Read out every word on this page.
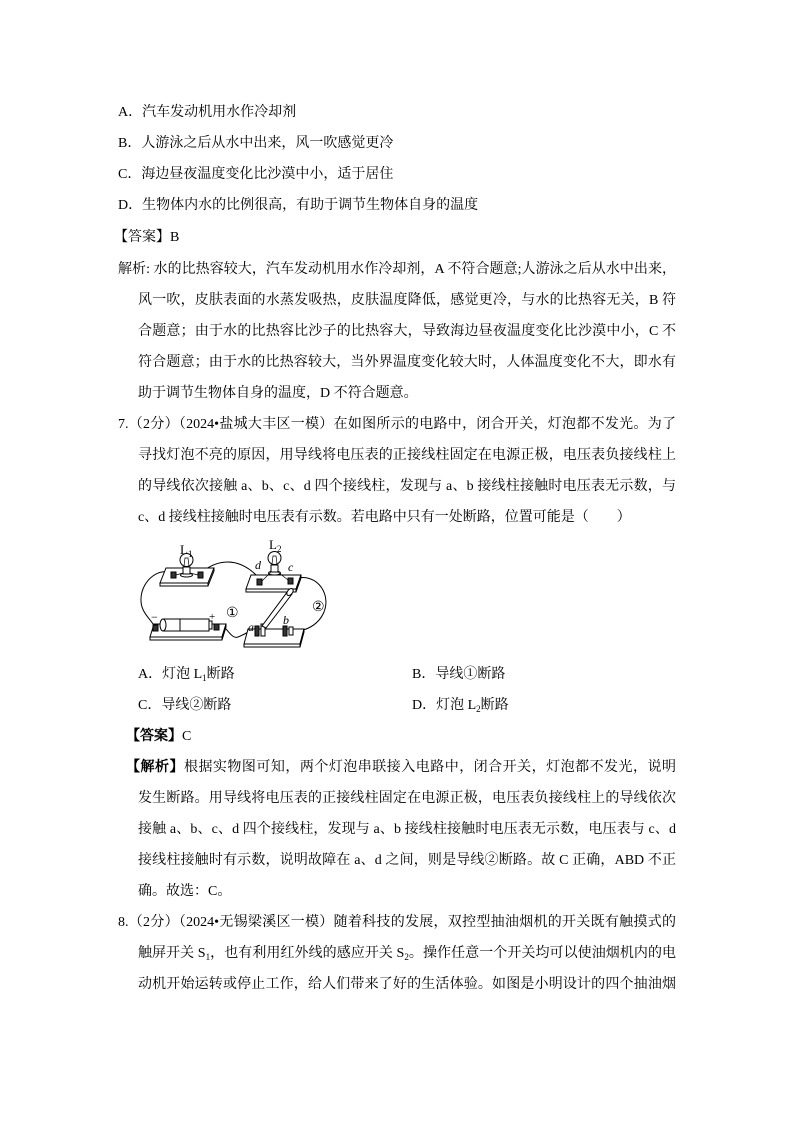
A．汽车发动机用水作冷却剂
B．人游泳之后从水中出来，风一吹感觉更冷
C．海边昼夜温度变化比沙漠中小，适于居住
D．生物体内水的比例很高，有助于调节生物体自身的温度
【答案】B
解析: 水的比热容较大，汽车发动机用水作冷却剂，A 不符合题意;人游泳之后从水中出来，
风一吹，皮肤表面的水蒸发吸热，皮肤温度降低，感觉更冷，与水的比热容无关，B 符
合题意；由于水的比热容比沙子的比热容大，导致海边昼夜温度变化比沙漠中小，C 不
符合题意；由于水的比热容较大，当外界温度变化较大时，人体温度变化不大，即水有
助于调节生物体自身的温度，D 不符合题意。
7.（2分）（2024•盐城大丰区一模）在如图所示的电路中，闭合开关，灯泡都不发光。为了
寻找灯泡不亮的原因，用导线将电压表的正接线柱固定在电源正极，电压表负接线柱上
的导线依次接触 a、b、c、d 四个接线柱，发现与 a、b 接线柱接触时电压表无示数，与
c、d 接线柱接触时电压表有示数。若电路中只有一处断路，位置可能是（　　）
$L_1$
$L_2$
d c
−	+
a b
①	②
A．灯泡 $L_1$断路	B．导线①断路
C．导线②断路	D．灯泡 $L_2$断路
【答案】C
【解析】根据实物图可知，两个灯泡串联接入电路中，闭合开关，灯泡都不发光，说明
发生断路。用导线将电压表的正接线柱固定在电源正极，电压表负接线柱上的导线依次
接触 a、b、c、d 四个接线柱，发现与 a、b 接线柱接触时电压表无示数，电压表与 c、d
接线柱接触时有示数，说明故障在 a、d 之间，则是导线②断路。故 C 正确，ABD 不正
确。故选：C。
8.（2分）（2024•无锡梁溪区一模）随着科技的发展，双控型抽油烟机的开关既有触摸式的
触屏开关 $S_1$，也有利用红外线的感应开关 $S_2$。操作任意一个开关均可以使油烟机内的电
动机开始运转或停止工作，给人们带来了好的生活体验。如图是小明设计的四个抽油烟
